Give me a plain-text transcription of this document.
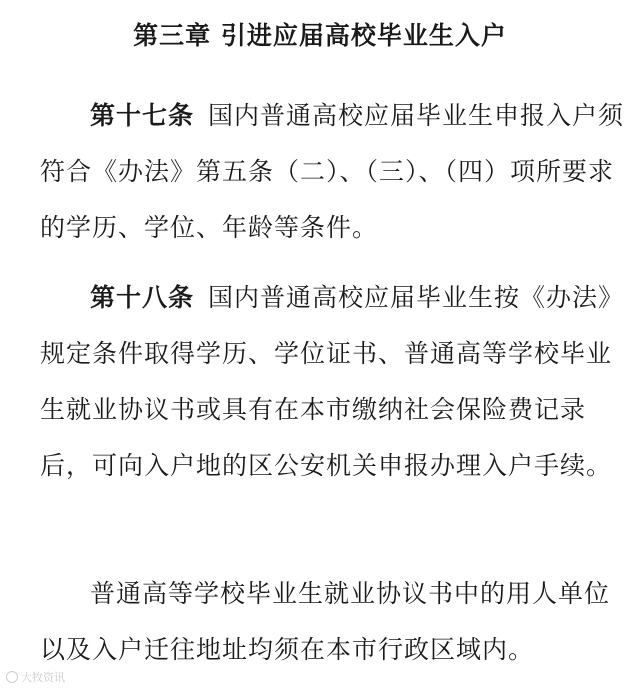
第三章 引进应届高校毕业生入户

第十七条 国内普通高校应届毕业生申报入户须符合《办法》第五条（二）、（三）、（四）项所要求的学历、学位、年龄等条件。

第十八条 国内普通高校应届毕业生按《办法》规定条件取得学历、学位证书、普通高等学校毕业生就业协议书或具有在本市缴纳社会保险费记录后，可向入户地的区公安机关申报办理入户手续。

普通高等学校毕业生就业协议书中的用人单位以及入户迁往地址均须在本市行政区域内。

大牧资讯
